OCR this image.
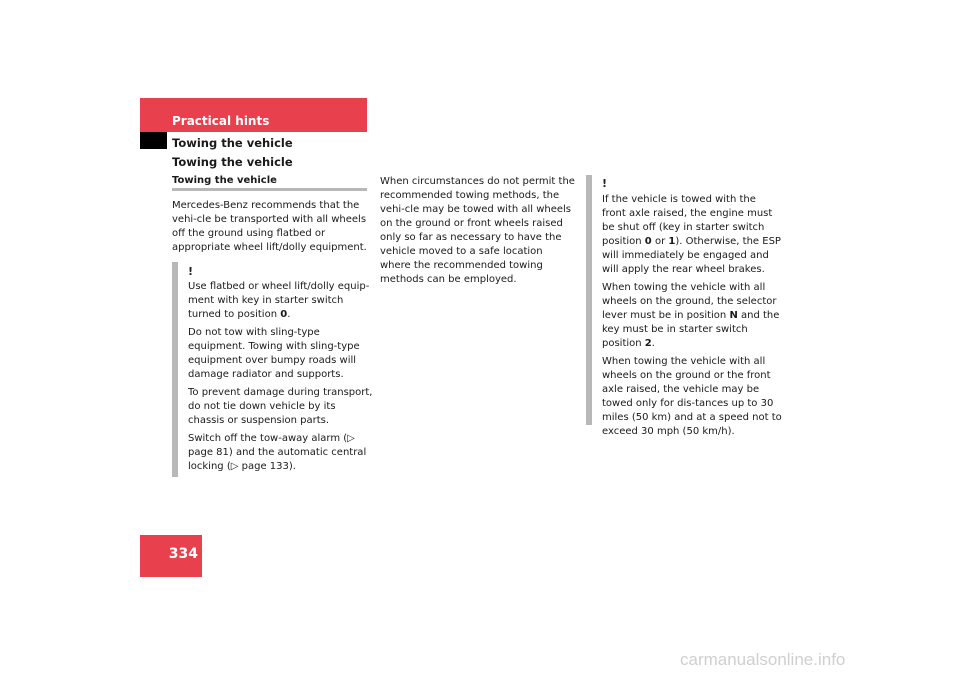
Practical hints
Towing the vehicle
Towing the vehicle
Towing the vehicle
Mercedes-Benz recommends that the vehi-cle be transported with all wheels off the ground using flatbed or appropriate wheel lift/dolly equipment.
!

Use flatbed or wheel lift/dolly equip-ment with key in starter switch turned to position 0.

Do not tow with sling-type equipment. Towing with sling-type equipment over bumpy roads will damage radiator and supports.

To prevent damage during transport, do not tie down vehicle by its chassis or suspension parts.

Switch off the tow-away alarm (▷ page 81) and the automatic central locking (▷ page 133).

When circumstances do not permit the recommended towing methods, the vehi-cle may be towed with all wheels on the ground or front wheels raised only so far as necessary to have the vehicle moved to a safe location where the recommended towing methods can be employed.
!

If the vehicle is towed with the front axle raised, the engine must be shut off (key in starter switch position 0 or 1). Otherwise, the ESP will immediately be engaged and will apply the rear wheel brakes.

When towing the vehicle with all wheels on the ground, the selector lever must be in position N and the key must be in starter switch position 2.

When towing the vehicle with all wheels on the ground or the front axle raised, the vehicle may be towed only for dis-tances up to 30 miles (50 km) and at a speed not to exceed 30 mph (50 km/h).

334
carmanualsonline.info
